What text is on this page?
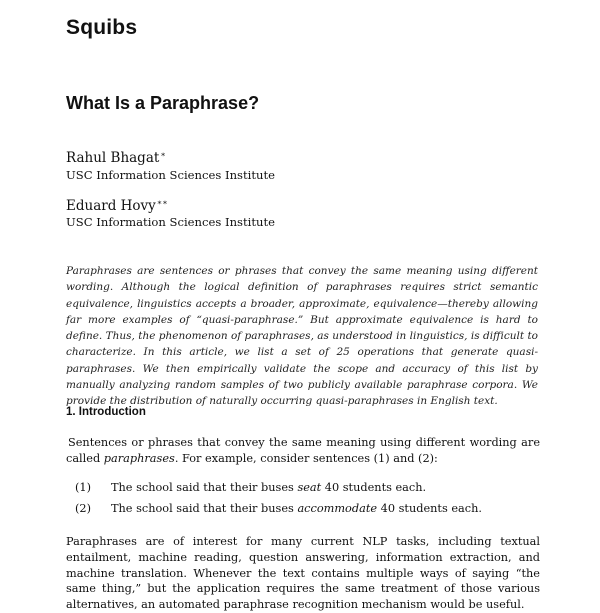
Squibs
What Is a Paraphrase?
Rahul Bhagat∗
USC Information Sciences Institute
Eduard Hovy∗∗
USC Information Sciences Institute
Paraphrases are sentences or phrases that convey the same meaning using different wording. Although the logical definition of paraphrases requires strict semantic equivalence, linguistics accepts a broader, approximate, equivalence—thereby allowing far more examples of “quasi-paraphrase.” But approximate equivalence is hard to define. Thus, the phenomenon of paraphrases, as understood in linguistics, is difficult to characterize. In this article, we list a set of 25 operations that generate quasi-paraphrases. We then empirically validate the scope and accuracy of this list by manually analyzing random samples of two publicly available paraphrase corpora. We provide the distribution of naturally occurring quasi-paraphrases in English text.
1. Introduction
Sentences or phrases that convey the same meaning using different wording are called paraphrases. For example, consider sentences (1) and (2):
(1) The school said that their buses seat 40 students each.
(2) The school said that their buses accommodate 40 students each.
Paraphrases are of interest for many current NLP tasks, including textual entailment, machine reading, question answering, information extraction, and machine translation. Whenever the text contains multiple ways of saying “the same thing,” but the application requires the same treatment of those various alternatives, an automated paraphrase recognition mechanism would be useful.
